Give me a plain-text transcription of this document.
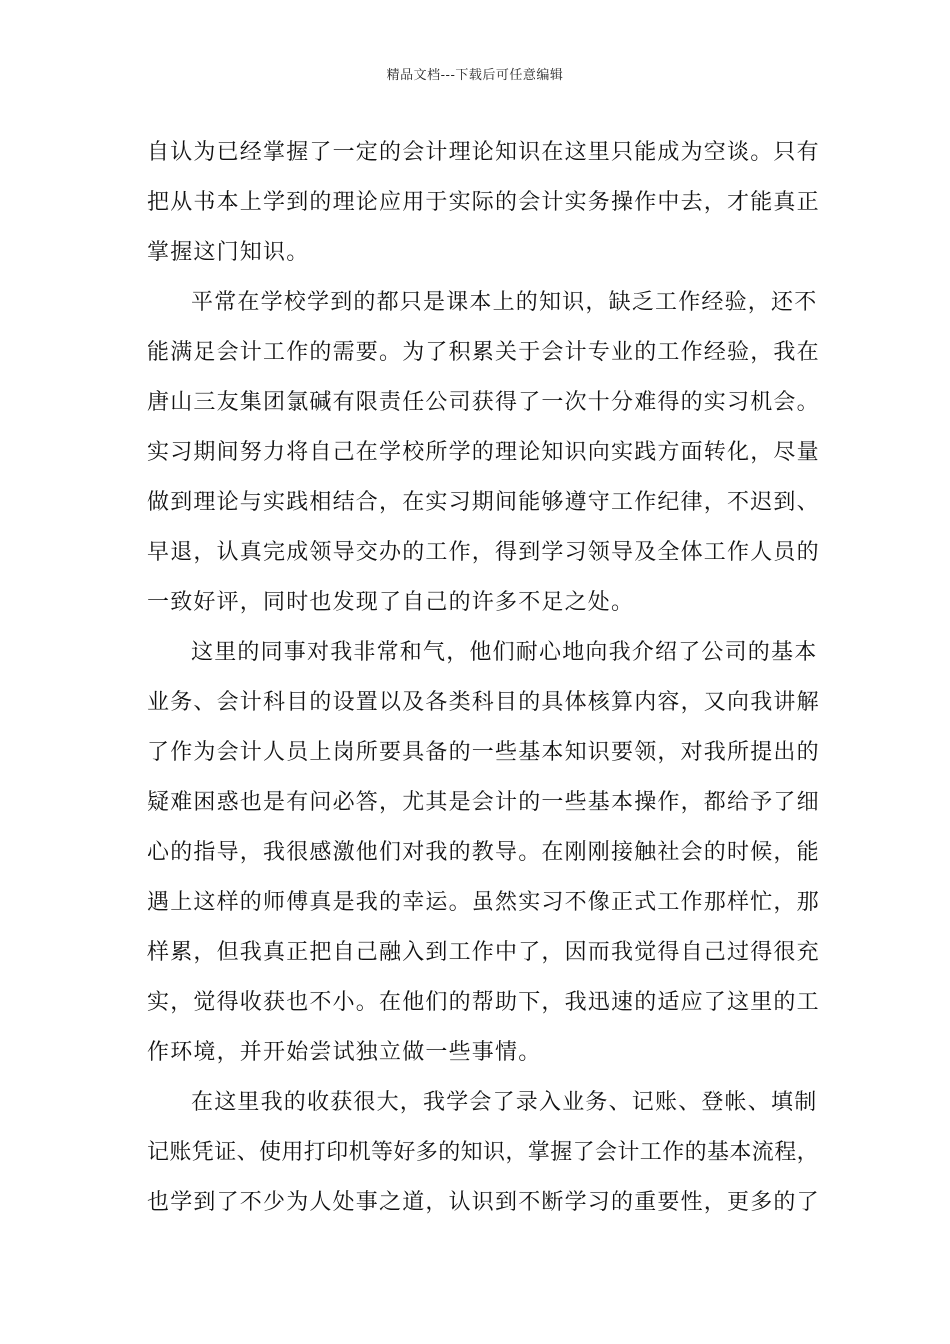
精品文档---下载后可任意编辑
自认为已经掌握了一定的会计理论知识在这里只能成为空谈。只有
把从书本上学到的理论应用于实际的会计实务操作中去，才能真正
掌握这门知识。
平常在学校学到的都只是课本上的知识，缺乏工作经验，还不
能满足会计工作的需要。为了积累关于会计专业的工作经验，我在
唐山三友集团氯碱有限责任公司获得了一次十分难得的实习机会。
实习期间努力将自己在学校所学的理论知识向实践方面转化，尽量
做到理论与实践相结合，在实习期间能够遵守工作纪律，不迟到、
早退，认真完成领导交办的工作，得到学习领导及全体工作人员的
一致好评，同时也发现了自己的许多不足之处。
这里的同事对我非常和气，他们耐心地向我介绍了公司的基本
业务、会计科目的设置以及各类科目的具体核算内容，又向我讲解
了作为会计人员上岗所要具备的一些基本知识要领，对我所提出的
疑难困惑也是有问必答，尤其是会计的一些基本操作，都给予了细
心的指导，我很感激他们对我的教导。在刚刚接触社会的时候，能
遇上这样的师傅真是我的幸运。虽然实习不像正式工作那样忙，那
样累，但我真正把自己融入到工作中了，因而我觉得自己过得很充
实，觉得收获也不小。在他们的帮助下，我迅速的适应了这里的工
作环境，并开始尝试独立做一些事情。
在这里我的收获很大，我学会了录入业务、记账、登帐、填制
记账凭证、使用打印机等好多的知识，掌握了会计工作的基本流程，
也学到了不少为人处事之道，认识到不断学习的重要性，更多的了
